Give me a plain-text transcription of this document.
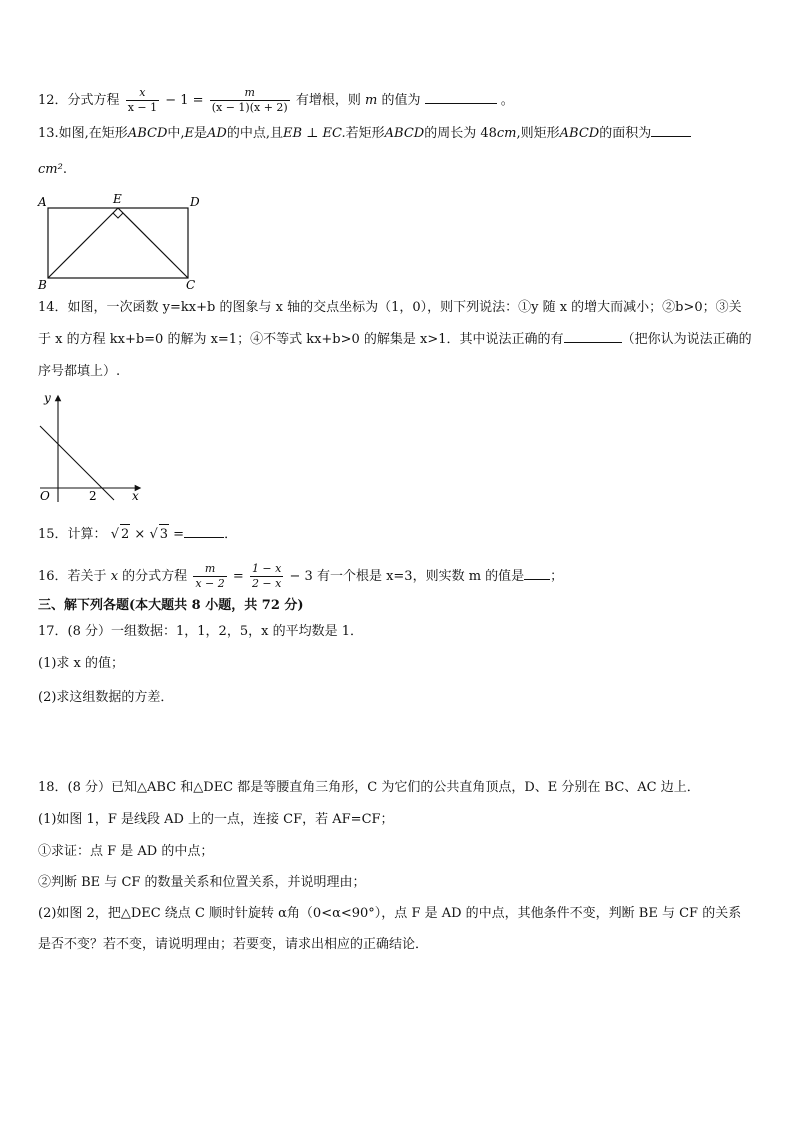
12．分式方程 $\frac{x}{x - 1} - 1 = \frac{m}{(x - 1)(x + 2)}$ 有增根，则 m 的值为	。
13.如图,在矩形ABCD中,E是AD的中点,且EB ⊥ EC.若矩形ABCD的周长为 48cm,则矩形ABCD的面积为
cm².
A	E	D
B	C
14．如图，一次函数 y=kx+b 的图象与 x 轴的交点坐标为（1，0），则下列说法：①y 随 x 的增大而减小；②b>0；③关
于 x 的方程 kx+b=0 的解为 x=1；④不等式 kx+b>0 的解集是 x>1．其中说法正确的有	（把你认为说法正确的
序号都填上）.
y
x
O	2
15．计算： √ 2 × √ 3 =	．
16．若关于 x 的分式方程 $\frac{m}{x - 2} = \frac{1 - x}{2 - x} - 3$ 有一个根是 x=3，则实数 m 的值是 ；
三、解下列各题(本大题共 8 小题，共 72 分)
17．(8 分）一组数据：1，1，2，5，x 的平均数是 1．
(1)求 x 的值；
(2)求这组数据的方差．
18．(8 分）已知△ABC 和△DEC 都是等腰直角三角形，C 为它们的公共直角顶点，D、E 分别在 BC、AC 边上．
(1)如图 1，F 是线段 AD 上的一点，连接 CF，若 AF=CF；
①求证：点 F 是 AD 的中点；
②判断 BE 与 CF 的数量关系和位置关系，并说明理由；
(2)如图 2，把△DEC 绕点 C 顺时针旋转 α角（0<α<90°），点 F 是 AD 的中点，其他条件不变，判断 BE 与 CF 的关系
是否不变？若不变，请说明理由；若要变，请求出相应的正确结论．
